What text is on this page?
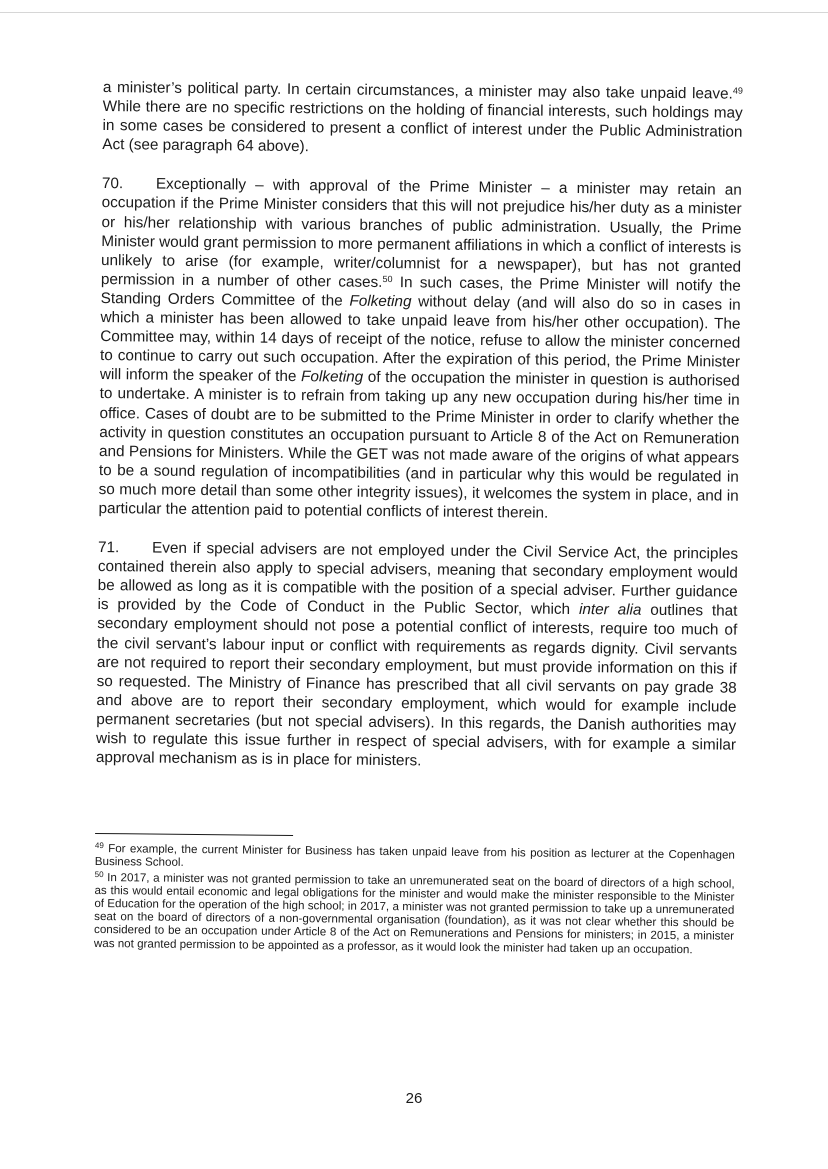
a minister’s political party. In certain circumstances, a minister may also take unpaid leave.$^{49}$ While there are no specific restrictions on the holding of financial interests, such holdings may in some cases be considered to present a conflict of interest under the Public Administration Act (see paragraph 64 above).

70. Exceptionally – with approval of the Prime Minister – a minister may retain an occupation if the Prime Minister considers that this will not prejudice his/her duty as a minister or his/her relationship with various branches of public administration. Usually, the Prime Minister would grant permission to more permanent affiliations in which a conflict of interests is unlikely to arise (for example, writer/columnist for a newspaper), but has not granted permission in a number of other cases.$^{50}$ In such cases, the Prime Minister will notify the Standing Orders Committee of the Folketing without delay (and will also do so in cases in which a minister has been allowed to take unpaid leave from his/her other occupation). The Committee may, within 14 days of receipt of the notice, refuse to allow the minister concerned to continue to carry out such occupation. After the expiration of this period, the Prime Minister will inform the speaker of the Folketing of the occupation the minister in question is authorised to undertake. A minister is to refrain from taking up any new occupation during his/her time in office. Cases of doubt are to be submitted to the Prime Minister in order to clarify whether the activity in question constitutes an occupation pursuant to Article 8 of the Act on Remuneration and Pensions for Ministers. While the GET was not made aware of the origins of what appears to be a sound regulation of incompatibilities (and in particular why this would be regulated in so much more detail than some other integrity issues), it welcomes the system in place, and in particular the attention paid to potential conflicts of interest therein.

71. Even if special advisers are not employed under the Civil Service Act, the principles contained therein also apply to special advisers, meaning that secondary employment would be allowed as long as it is compatible with the position of a special adviser. Further guidance is provided by the Code of Conduct in the Public Sector, which inter alia outlines that secondary employment should not pose a potential conflict of interests, require too much of the civil servant’s labour input or conflict with requirements as regards dignity. Civil servants are not required to report their secondary employment, but must provide information on this if so requested. The Ministry of Finance has prescribed that all civil servants on pay grade 38 and above are to report their secondary employment, which would for example include permanent secretaries (but not special advisers). In this regards, the Danish authorities may wish to regulate this issue further in respect of special advisers, with for example a similar approval mechanism as is in place for ministers.

$^{49}$ For example, the current Minister for Business has taken unpaid leave from his position as lecturer at the Copenhagen Business School.

$^{50}$ In 2017, a minister was not granted permission to take an unremunerated seat on the board of directors of a high school, as this would entail economic and legal obligations for the minister and would make the minister responsible to the Minister of Education for the operation of the high school; in 2017, a minister was not granted permission to take up a unremunerated seat on the board of directors of a non-governmental organisation (foundation), as it was not clear whether this should be considered to be an occupation under Article 8 of the Act on Remunerations and Pensions for ministers; in 2015, a minister was not granted permission to be appointed as a professor, as it would look the minister had taken up an occupation.

26
